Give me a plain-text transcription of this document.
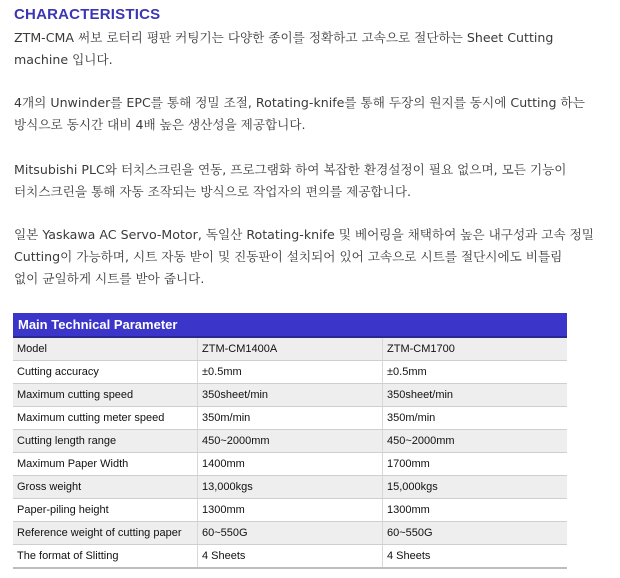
CHARACTERISTICS

ZTM-CMA 써보 로터리 평판 커팅기는 다양한 종이를 정확하고 고속으로 절단하는 Sheet Cutting
machine 입니다.

4개의 Unwinder를 EPC를 통해 정밀 조절, Rotating-knife를 통해 두장의 원지를 동시에 Cutting 하는
방식으로 동시간 대비 4배 높은 생산성을 제공합니다.

Mitsubishi PLC와 터치스크린을 연동, 프로그램화 하여 복잡한 환경설정이 필요 없으며, 모든 기능이
터치스크린을 통해 자동 조작되는 방식으로 작업자의 편의를 제공합니다.

일본 Yaskawa AC Servo-Motor, 독일산 Rotating-knife 및 베어링을 채택하여 높은 내구성과 고속 정밀
Cutting이 가능하며, 시트 자동 받이 및 진동판이 설치되어 있어 고속으로 시트를 절단시에도 비틀림
없이 균일하게 시트를 받아 줍니다.

Main Technical Parameter
Model	ZTM-CM1400A	ZTM-CM1700
Cutting accuracy	±0.5mm	±0.5mm
Maximum cutting speed	350sheet/min	350sheet/min
Maximum cutting meter speed	350m/min	350m/min
Cutting length range	450~2000mm	450~2000mm
Maximum Paper Width	1400mm	1700mm
Gross weight	13,000kgs	15,000kgs
Paper-piling height	1300mm	1300mm
Reference weight of cutting paper	60~550G	60~550G
The format of Slitting	4 Sheets	4 Sheets
